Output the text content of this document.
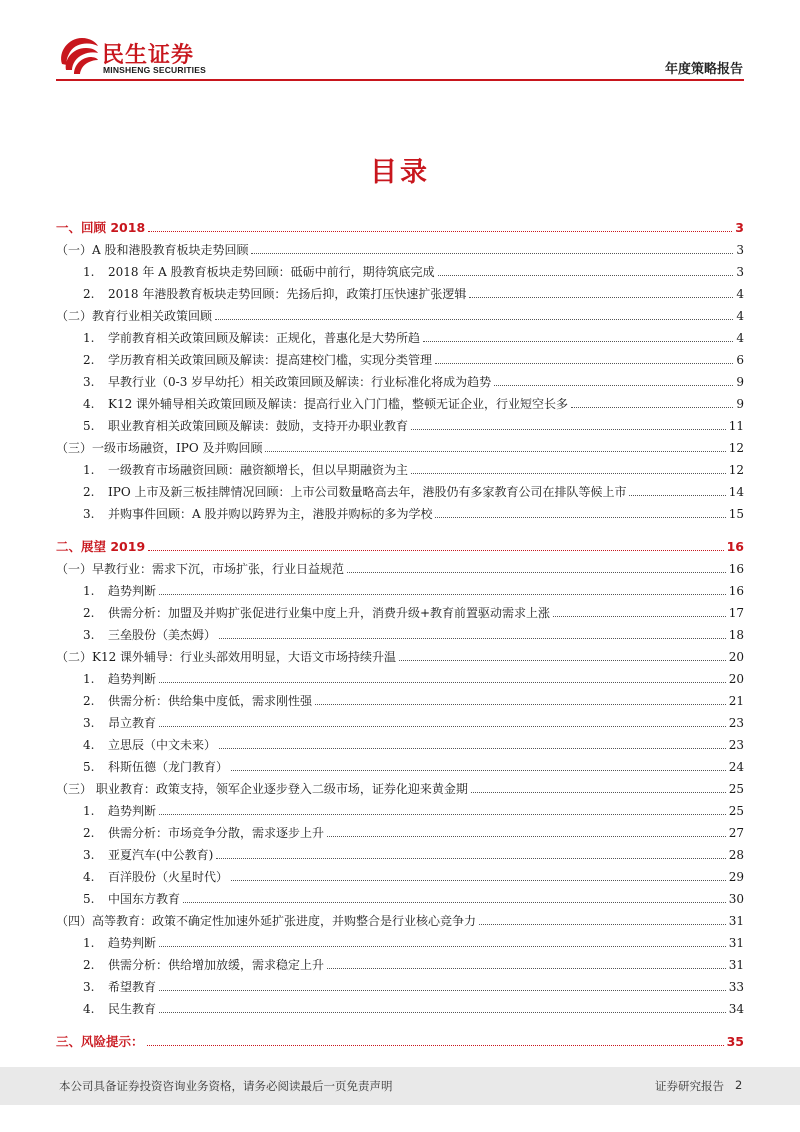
民生证券
MINSHENG SECURITIES	年度策略报告
目录
一、回顾 2018	3
（一）A 股和港股教育板块走势回顾	3
1.	2018 年 A 股教育板块走势回顾：砥砺中前行，期待筑底完成	3
2.	2018 年港股教育板块走势回顾：先扬后抑，政策打压快速扩张逻辑	4
（二）教育行业相关政策回顾	4
1.	学前教育相关政策回顾及解读：正规化，普惠化是大势所趋	4
2.	学历教育相关政策回顾及解读：提高建校门槛，实现分类管理	6
3.	早教行业（0-3 岁早幼托）相关政策回顾及解读：行业标准化将成为趋势	9
4.	K12 课外辅导相关政策回顾及解读：提高行业入门门槛，整顿无证企业，行业短空长多	9
5.	职业教育相关政策回顾及解读：鼓励，支持开办职业教育	11
（三）一级市场融资，IPO 及并购回顾	12
1.	一级教育市场融资回顾：融资额增长，但以早期融资为主	12
2.	IPO 上市及新三板挂牌情况回顾：上市公司数量略高去年，港股仍有多家教育公司在排队等候上市	14
3.	并购事件回顾：A 股并购以跨界为主，港股并购标的多为学校	15
二、展望 2019	16
（一）早教行业：需求下沉，市场扩张，行业日益规范	16
1.	趋势判断	16
2.	供需分析：加盟及并购扩张促进行业集中度上升，消费升级+教育前置驱动需求上涨	17
3.	三垒股份（美杰姆）	18
（二）K12 课外辅导：行业头部效用明显，大语文市场持续升温	20
1.	趋势判断	20
2.	供需分析：供给集中度低，需求刚性强	21
3.	昂立教育	23
4.	立思辰（中文未来）	23
5.	科斯伍德（龙门教育）	24
（三） 职业教育：政策支持，领军企业逐步登入二级市场，证券化迎来黄金期	25
1.	趋势判断	25
2.	供需分析：市场竞争分散，需求逐步上升	27
3.	亚夏汽车(中公教育)	28
4.	百洋股份（火星时代）	29
5.	中国东方教育	30
（四）高等教育：政策不确定性加速外延扩张进度，并购整合是行业核心竞争力	31
1.	趋势判断	31
2.	供需分析：供给增加放缓，需求稳定上升	31
3.	希望教育	33
4.	民生教育	34
三、风险提示：	35
本公司具备证券投资咨询业务资格，请务必阅读最后一页免责声明	证券研究报告 2
